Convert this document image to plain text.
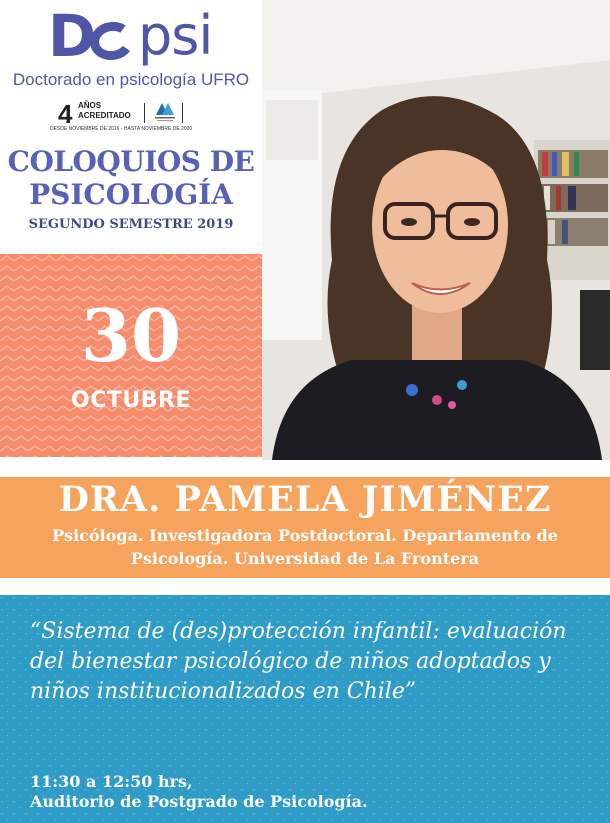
D psi
Doctorado en psicología UFRO
4 AÑOS
ACREDITADO
DESDE NOVIEMBRE DE 2016 - HASTA NOVIEMBRE DE 2020
COLOQUIOS DE
PSICOLOGÍA
SEGUNDO SEMESTRE 2019
30
OCTUBRE
DRA. PAMELA JIMÉNEZ
Psicóloga. Investigadora Postdoctoral. Departamento de Psicología. Universidad de La Frontera
“Sistema de (des)protección infantil: evaluación del bienestar psicológico de niños adoptados y niños institucionalizados en Chile”
11:30 a 12:50 hrs,
Auditorio de Postgrado de Psicología.
